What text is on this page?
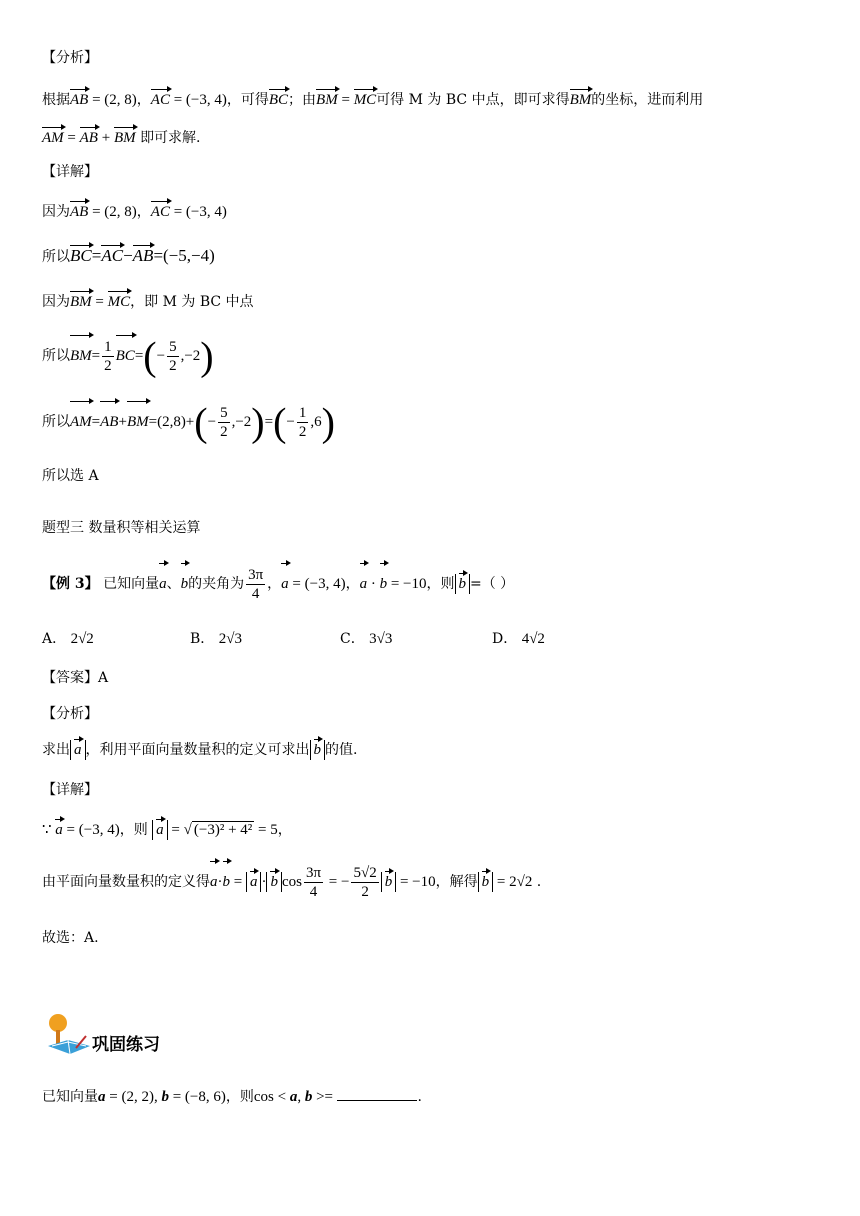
【分析】
根据AB = (2, 8)，AC = (−3, 4)，可得BC；由BM = MC可得 M 为 BC 中点，即可求得BM的坐标，进而利用
AM = AB + BM 即可求解.
【详解】
因为AB = (2, 8)，AC = (−3, 4)
所以BC=AC−AB=(−5,−4)
因为BM = MC，即 M 为 BC 中点
所以$BM= \frac{1}{2} BC=(- \frac{5}{2} ,-2)$
所以$AM=AB+BM=(2,8)+(- \frac{5}{2} ,-2)=(- \frac{1}{2} ,6)$
所以选 A
题型三 数量积等相关运算
【例 3】 已知向量a、b的夹角为 $\frac{3\pi}{4}$ ，a = (−3, 4)，a · b = −10，则 b =（ ）
A． 2√2	B． 2√3	C． 3√3	D． 4√2
【答案】A
【分析】
求出 a ，利用平面向量数量积的定义可求出 b 的值.
【详解】
∵ a = (−3, 4)，则 a = √ (−3)² + 4² = 5，
由平面向量数量积的定义得a·b = a · b $\cos \frac{3\pi}{4}$ = − $\frac{5√2}{2}$ b = −10，解得 b = 2√2 .
故选：A.
巩固练习
已知向量a = (2, 2), b = (−8, 6)，则cos < a, b >=	.
